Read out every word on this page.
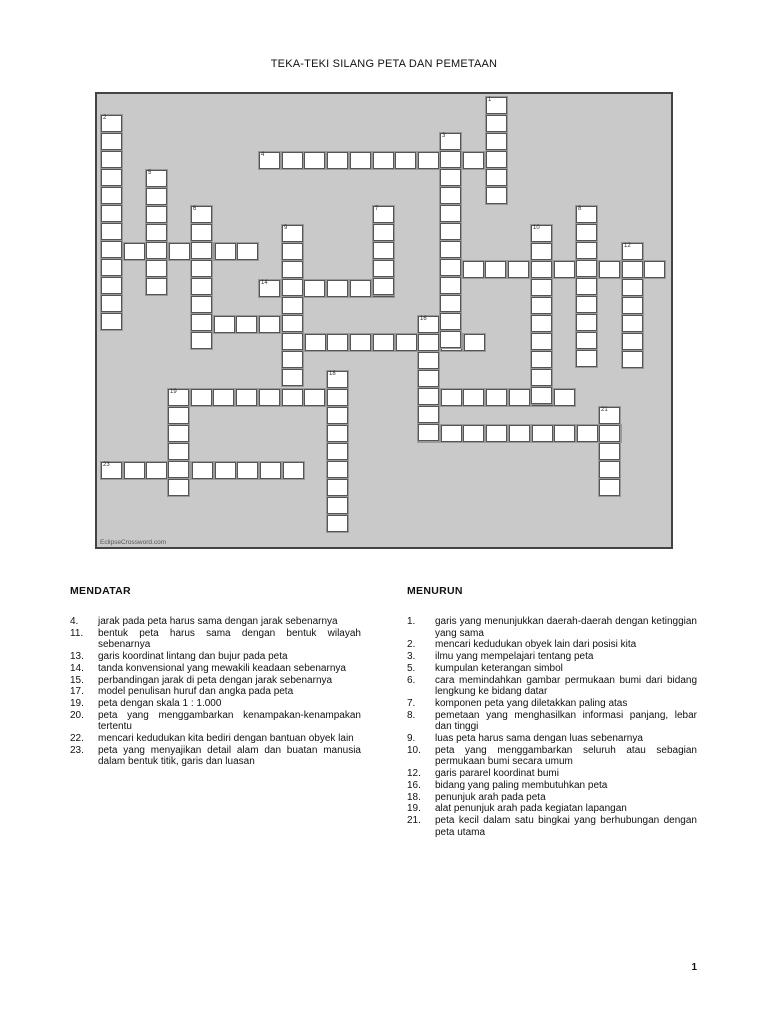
TEKA-TEKI SILANG PETA DAN PEMETAAN
EclipseCrossword.com
4
14
19
23
1
2
3
5
6	7	8
9	10
12
16
18
21
MENDATAR
4.	jarak pada peta harus sama dengan jarak sebenarnya
11.	bentuk peta harus sama dengan bentuk wilayah sebenarnya
13.	garis koordinat lintang dan bujur pada peta
14.	tanda konvensional yang mewakili keadaan sebenarnya
15.	perbandingan jarak di peta dengan jarak sebenarnya
17.	model penulisan huruf dan angka pada peta
19.	peta dengan skala 1 : 1.000
20.	peta yang menggambarkan kenampakan-kenampakan tertentu
22.	mencari kedudukan kita bediri dengan bantuan obyek lain
23.	peta yang menyajikan detail alam dan buatan manusia dalam bentuk titik, garis dan luasan
MENURUN
1.	garis yang menunjukkan daerah-daerah dengan ketinggian yang sama
2.	mencari kedudukan obyek lain dari posisi kita
3.	ilmu yang mempelajari tentang peta
5.	kumpulan keterangan simbol
6.	cara memindahkan gambar permukaan bumi dari bidang lengkung ke bidang datar
7.	komponen peta yang diletakkan paling atas
8.	pemetaan yang menghasilkan informasi panjang, lebar dan tinggi
9.	luas peta harus sama dengan luas sebenarnya
10.	peta yang menggambarkan seluruh atau sebagian permukaan bumi secara umum
12.	garis pararel koordinat bumi
16.	bidang yang paling membutuhkan peta
18.	penunjuk arah pada peta
19.	alat penunjuk arah pada kegiatan lapangan
21.	peta kecil dalam satu bingkai yang berhubungan dengan peta utama
1
